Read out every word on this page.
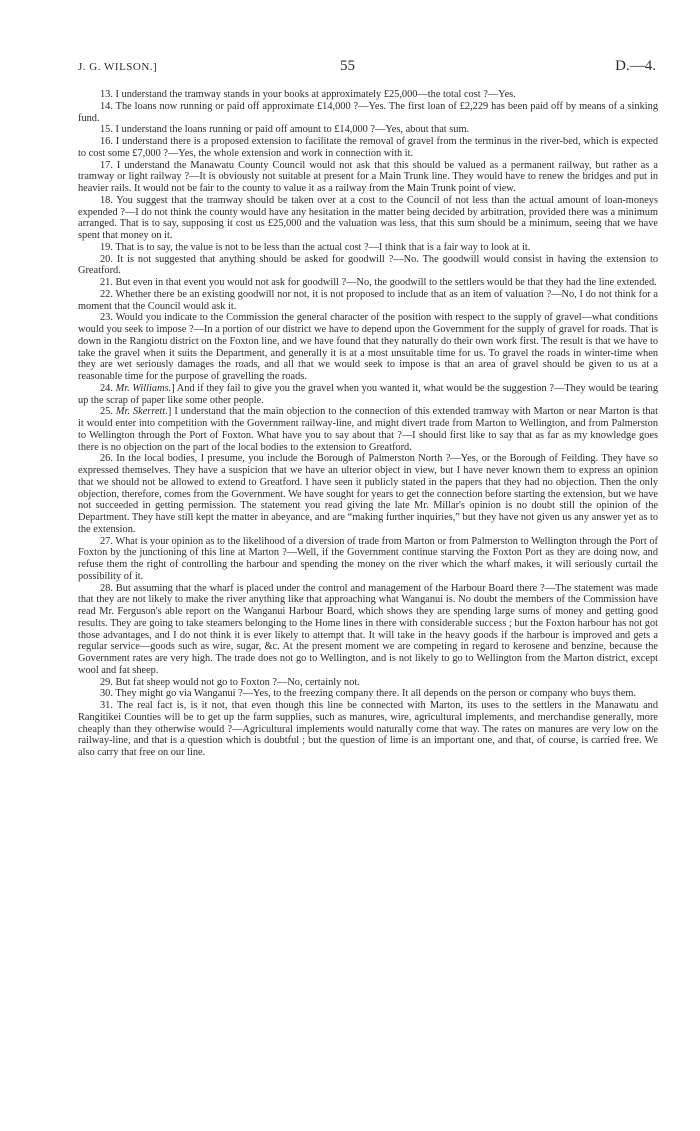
J. G. WILSON.]	55	D.—4.

13. I understand the tramway stands in your books at approximately £25,000—the total cost ?—Yes.

14. The loans now running or paid off approximate £14,000 ?—Yes. The first loan of £2,229 has been paid off by means of a sinking fund.

15. I understand the loans running or paid off amount to £14,000 ?—Yes, about that sum.

16. I understand there is a proposed extension to facilitate the removal of gravel from the terminus in the river-bed, which is expected to cost some £7,000 ?—Yes, the whole extension and work in connection with it.

17. I understand the Manawatu County Council would not ask that this should be valued as a permanent railway, but rather as a tramway or light railway ?—It is obviously not suitable at present for a Main Trunk line. They would have to renew the bridges and put in heavier rails. It would not be fair to the county to value it as a railway from the Main Trunk point of view.

18. You suggest that the tramway should be taken over at a cost to the Council of not less than the actual amount of loan-moneys expended ?—I do not think the county would have any hesitation in the matter being decided by arbitration, provided there was a minimum arranged. That is to say, supposing it cost us £25,000 and the valuation was less, that this sum should be a minimum, seeing that we have spent that money on it.

19. That is to say, the value is not to be less than the actual cost ?—I think that is a fair way to look at it.

20. It is not suggested that anything should be asked for goodwill ?—No. The goodwill would consist in having the extension to Greatford.

21. But even in that event you would not ask for goodwill ?—No, the goodwill to the settlers would be that they had the line extended.

22. Whether there be an existing goodwill nor not, it is not proposed to include that as an item of valuation ?—No, I do not think for a moment that the Council would ask it.

23. Would you indicate to the Commission the general character of the position with respect to the supply of gravel—what conditions would you seek to impose ?—In a portion of our district we have to depend upon the Government for the supply of gravel for roads. That is down in the Rangiotu district on the Foxton line, and we have found that they naturally do their own work first. The result is that we have to take the gravel when it suits the Department, and generally it is at a most unsuitable time for us. To gravel the roads in winter-time when they are wet seriously damages the roads, and all that we would seek to impose is that an area of gravel should be given to us at a reasonable time for the purpose of gravelling the roads.

24. Mr. Williams.] And if they fail to give you the gravel when you wanted it, what would be the suggestion ?—They would be tearing up the scrap of paper like some other people.

25. Mr. Skerrett.] I understand that the main objection to the connection of this extended tramway with Marton or near Marton is that it would enter into competition with the Government railway-line, and might divert trade from Marton to Wellington, and from Palmerston to Wellington through the Port of Foxton. What have you to say about that ?—I should first like to say that as far as my knowledge goes there is no objection on the part of the local bodies to the extension to Greatford.

26. In the local bodies, I presume, you include the Borough of Palmerston North ?—Yes, or the Borough of Feilding. They have so expressed themselves. They have a suspicion that we have an ulterior object in view, but I have never known them to express an opinion that we should not be allowed to extend to Greatford. I have seen it publicly stated in the papers that they had no objection. Then the only objection, therefore, comes from the Government. We have sought for years to get the connection before starting the extension, but we have not succeeded in getting permission. The statement you read giving the late Mr. Millar's opinion is no doubt still the opinion of the Department. They have still kept the matter in abeyance, and are “making further inquiries,” but they have not given us any answer yet as to the extension.

27. What is your opinion as to the likelihood of a diversion of trade from Marton or from Palmerston to Wellington through the Port of Foxton by the junctioning of this line at Marton ?—Well, if the Government continue starving the Foxton Port as they are doing now, and refuse them the right of controlling the harbour and spending the money on the river which the wharf makes, it will seriously curtail the possibility of it.

28. But assuming that the wharf is placed under the control and management of the Harbour Board there ?—The statement was made that they are not likely to make the river anything like that approaching what Wanganui is. No doubt the members of the Commission have read Mr. Ferguson's able report on the Wanganui Harbour Board, which shows they are spending large sums of money and getting good results. They are going to take steamers belonging to the Home lines in there with considerable success ; but the Foxton harbour has not got those advantages, and I do not think it is ever likely to attempt that. It will take in the heavy goods if the harbour is improved and gets a regular service—goods such as wire, sugar, &c. At the present moment we are competing in regard to kerosene and benzine, because the Government rates are very high. The trade does not go to Wellington, and is not likely to go to Wellington from the Marton district, except wool and fat sheep.

29. But fat sheep would not go to Foxton ?—No, certainly not.

30. They might go via Wanganui ?—Yes, to the freezing company there. It all depends on the person or company who buys them.

31. The real fact is, is it not, that even though this line be connected with Marton, its uses to the settlers in the Manawatu and Rangitikei Counties will be to get up the farm supplies, such as manures, wire, agricultural implements, and merchandise generally, more cheaply than they otherwise would ?—Agricultural implements would naturally come that way. The rates on manures are very low on the railway-line, and that is a question which is doubtful ; but the question of lime is an important one, and that, of course, is carried free. We also carry that free on our line.
